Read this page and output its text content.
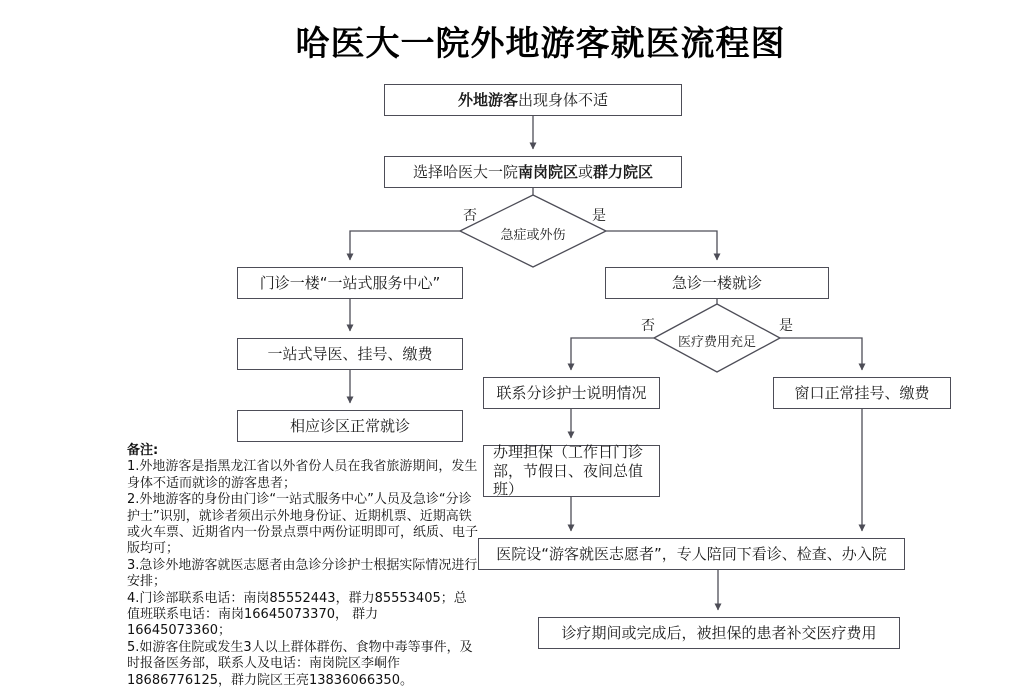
哈医大一院外地游客就医流程图
外地游客出现身体不适
选择哈医大一院南岗院区或群力院区
急症或外伤
否	是
门诊一楼“一站式服务中心”
一站式导医、挂号、缴费
相应诊区正常就诊
急诊一楼就诊
医疗费用充足
否	是
联系分诊护士说明情况	窗口正常挂号、缴费
办理担保（工作日门诊部，节假日、夜间总值班）
医院设“游客就医志愿者”，专人陪同下看诊、检查、办入院
诊疗期间或完成后，被担保的患者补交医疗费用
备注:
1.外地游客是指黑龙江省以外省份人员在我省旅游期间，发生身体不适而就诊的游客患者；
2.外地游客的身份由门诊“一站式服务中心”人员及急诊“分诊护士”识别，就诊者须出示外地身份证、近期机票、近期高铁或火车票、近期省内一份景点票中两份证明即可，纸质、电子版均可；
3.急诊外地游客就医志愿者由急诊分诊护士根据实际情况进行安排；
4.门诊部联系电话：南岗85552443，群力85553405；总值班联系电话：南岗16645073370， 群力16645073360；
5.如游客住院或发生3人以上群体群伤、食物中毒等事件，及时报备医务部，联系人及电话：南岗院区李峒作18686776125，群力院区王亮13836066350。
